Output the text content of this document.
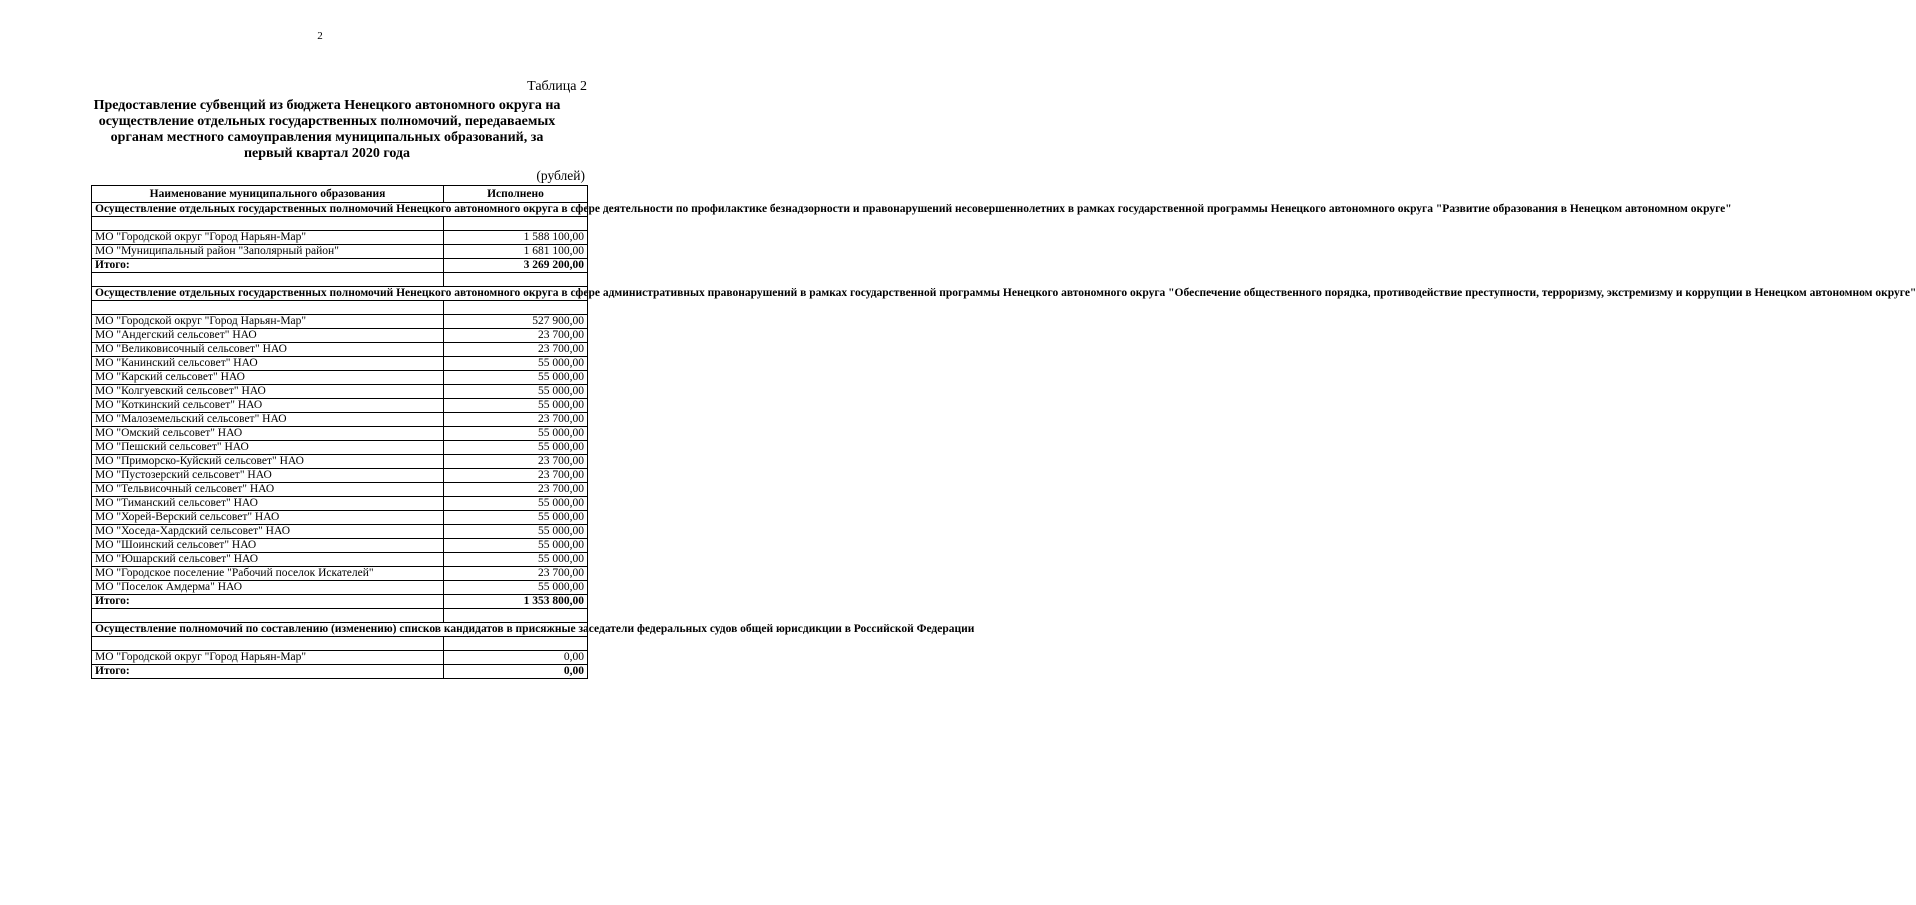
2
Таблица 2
Предоставление субвенций из бюджета Ненецкого автономного округа на осуществление отдельных государственных полномочий, передаваемых органам местного самоуправления муниципальных образований, за первый квартал 2020 года
(рублей)
Наименование муниципального образования	Исполнено
Осуществление отдельных государственных полномочий Ненецкого автономного округа в сфере деятельности по профилактике безнадзорности и правонарушений несовершеннолетних в рамках государственной программы Ненецкого автономного округа "Развитие образования в Ненецком автономном округе"	

МО "Городской округ "Город Нарьян-Мар"	1 588 100,00
МО "Муниципальный район "Заполярный район"	1 681 100,00
Итого:	3 269 200,00

Осуществление отдельных государственных полномочий Ненецкого автономного округа в сфере административных правонарушений в рамках государственной программы Ненецкого автономного округа "Обеспечение общественного порядка, противодействие преступности, терроризму, экстремизму и коррупции в Ненецком автономном округе"	

МО "Городской округ "Город Нарьян-Мар"	527 900,00
МО "Андегский сельсовет" НАО	23 700,00
МО "Великовисочный сельсовет" НАО	23 700,00
МО "Канинский сельсовет" НАО	55 000,00
МО "Карский сельсовет" НАО	55 000,00
МО "Колгуевский сельсовет" НАО	55 000,00
МО "Коткинский сельсовет" НАО	55 000,00
МО "Малоземельский сельсовет" НАО	23 700,00
МО "Омский сельсовет" НАО	55 000,00
МО "Пешский сельсовет" НАО	55 000,00
МО "Приморско-Куйский сельсовет" НАО	23 700,00
МО "Пустозерский сельсовет" НАО	23 700,00
МО "Тельвисочный сельсовет" НАО	23 700,00
МО "Тиманский сельсовет" НАО	55 000,00
МО "Хорей-Верский сельсовет" НАО	55 000,00
МО "Хоседа-Хардский сельсовет" НАО	55 000,00
МО "Шоинский сельсовет" НАО	55 000,00
МО "Юшарский сельсовет" НАО	55 000,00
МО "Городское поселение "Рабочий поселок Искателей"	23 700,00
МО "Поселок Амдерма" НАО	55 000,00
Итого:	1 353 800,00

Осуществление полномочий по составлению (изменению) списков кандидатов в присяжные заседатели федеральных судов общей юрисдикции в Российской Федерации	

МО "Городской округ "Город Нарьян-Мар"	0,00
Итого:	0,00
